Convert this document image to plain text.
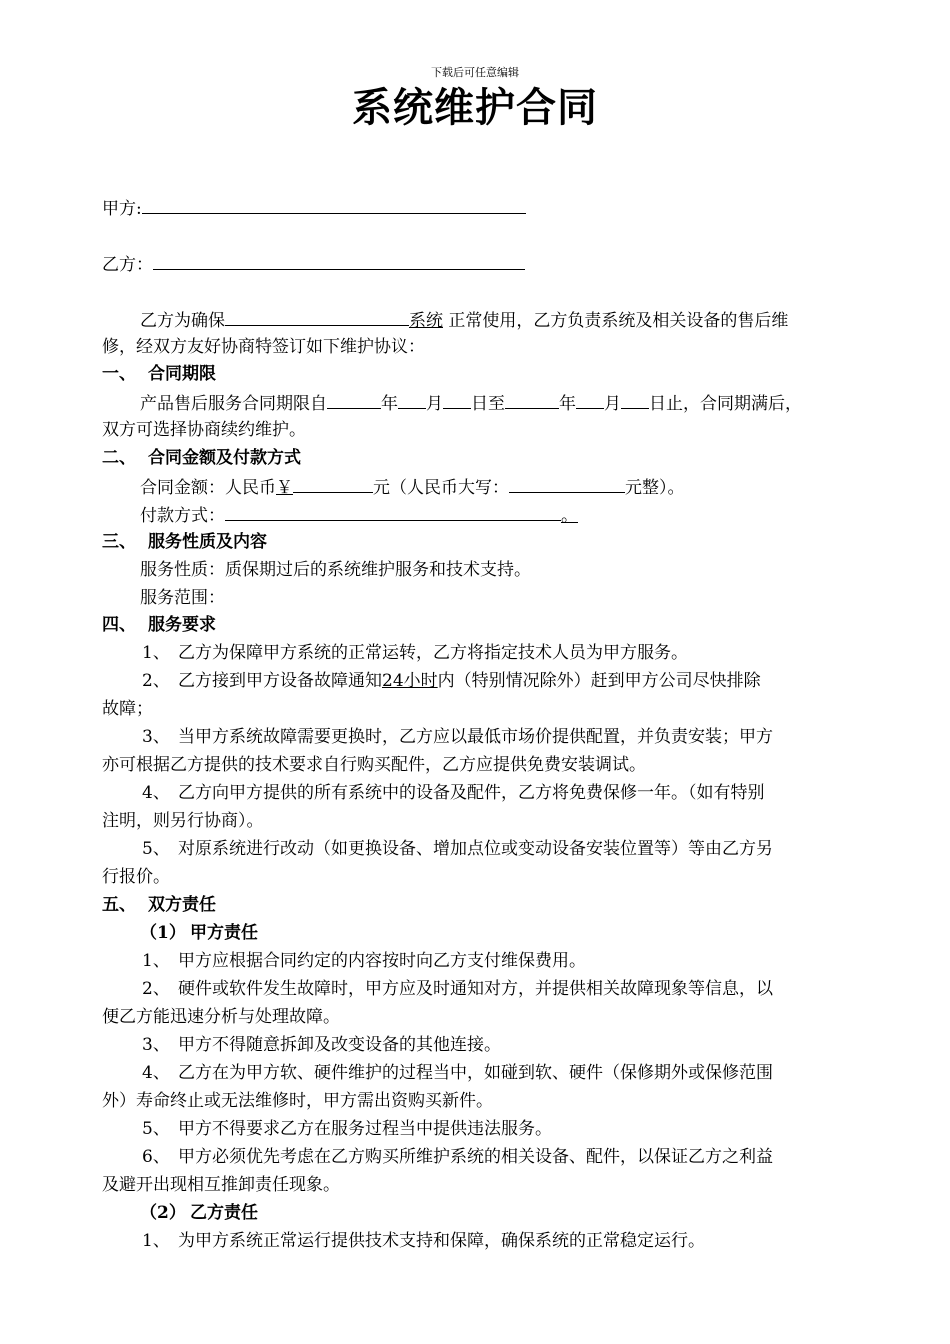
下载后可任意编辑
系统维护合同
甲方:
乙方：
乙方为确保	系统 正常使用，乙方负责系统及相关设备的售后维
修，经双方友好协商特签订如下维护协议：
一、 合同期限
产品售后服务合同期限自	年 月 日至	年 月 日止，合同期满后，
双方可选择协商续约维护。
二、 合同金额及付款方式
合同金额：人民币￥	元（人民币大写：	元整）。
付款方式：	。
三、 服务性质及内容
服务性质：质保期过后的系统维护服务和技术支持。
服务范围：
四、 服务要求
1、 乙方为保障甲方系统的正常运转，乙方将指定技术人员为甲方服务。
2、 乙方接到甲方设备故障通知24小时内（特别情况除外）赶到甲方公司尽快排除
故障；
3、 当甲方系统故障需要更换时，乙方应以最低市场价提供配置，并负责安装；甲方
亦可根据乙方提供的技术要求自行购买配件，乙方应提供免费安装调试。
4、 乙方向甲方提供的所有系统中的设备及配件，乙方将免费保修一年。（如有特别
注明，则另行协商）。
5、 对原系统进行改动（如更换设备、增加点位或变动设备安装位置等）等由乙方另
行报价。
五、 双方责任
（1） 甲方责任
1、 甲方应根据合同约定的内容按时向乙方支付维保费用。
2、 硬件或软件发生故障时，甲方应及时通知对方，并提供相关故障现象等信息，以
便乙方能迅速分析与处理故障。
3、 甲方不得随意拆卸及改变设备的其他连接。
4、 乙方在为甲方软、硬件维护的过程当中，如碰到软、硬件（保修期外或保修范围
外）寿命终止或无法维修时，甲方需出资购买新件。
5、 甲方不得要求乙方在服务过程当中提供违法服务。
6、 甲方必须优先考虑在乙方购买所维护系统的相关设备、配件，以保证乙方之利益
及避开出现相互推卸责任现象。
（2） 乙方责任
1、 为甲方系统正常运行提供技术支持和保障，确保系统的正常稳定运行。
